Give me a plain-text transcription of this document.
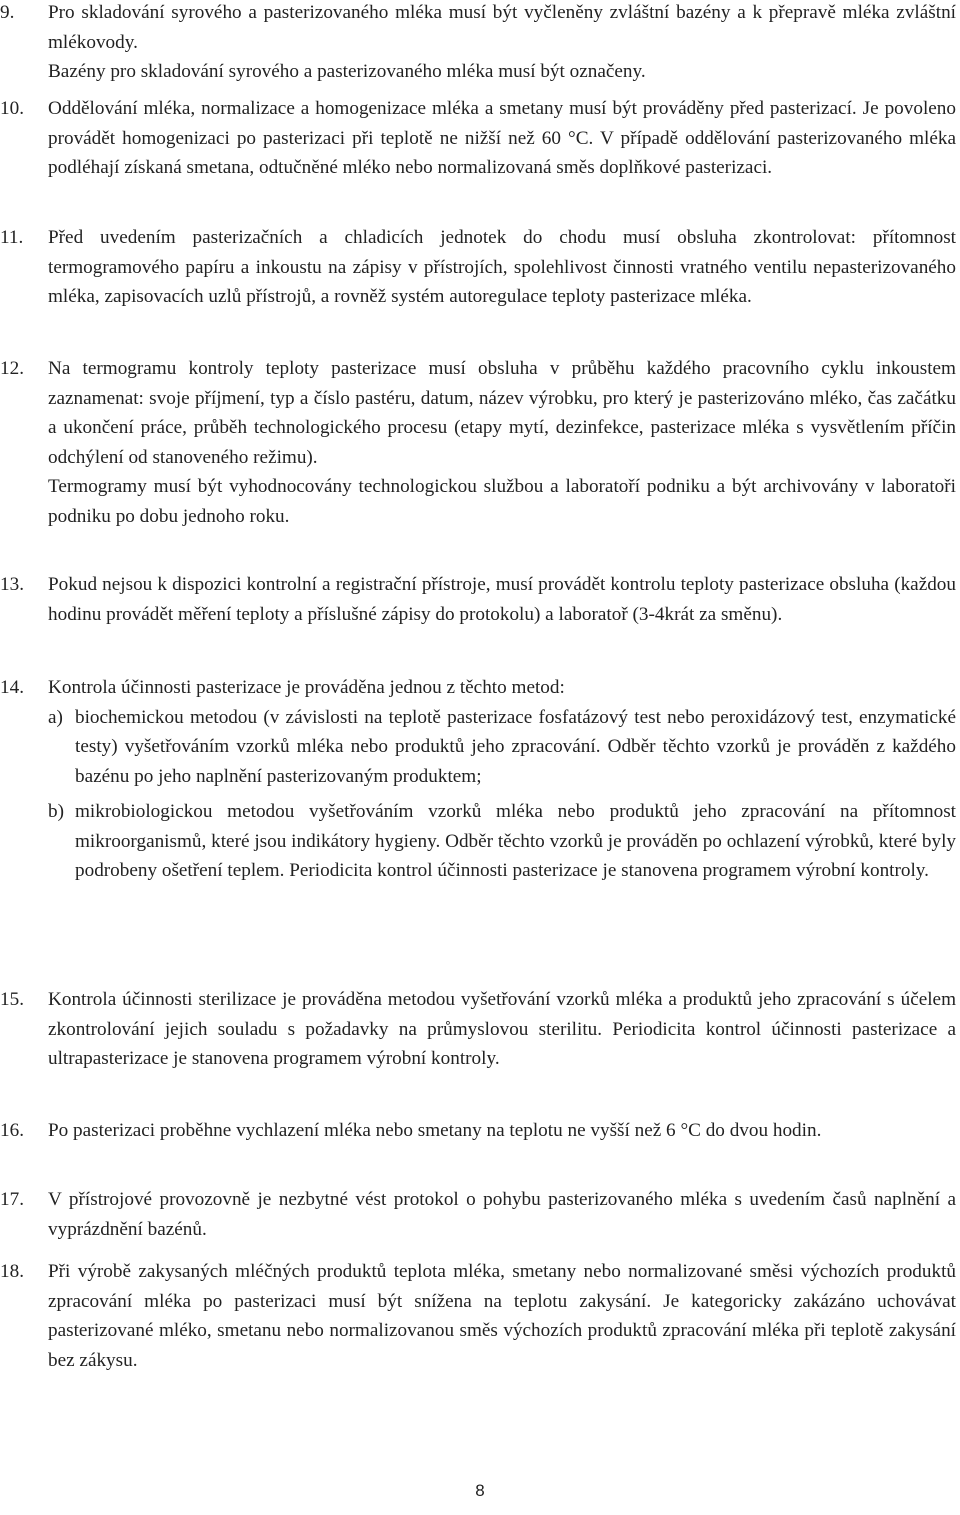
9. Pro skladování syrového a pasterizovaného mléka musí být vyčleněny zvláštní bazény a k přepravě mléka zvláštní mlékovody.

Bazény pro skladování syrového a pasterizovaného mléka musí být označeny.

10. Oddělování mléka, normalizace a homogenizace mléka a smetany musí být prováděny před pasterizací. Je povoleno provádět homogenizaci po pasterizaci při teplotě ne nižší než 60 °C. V případě oddělování pasterizovaného mléka podléhají získaná smetana, odtučněné mléko nebo normalizovaná směs doplňkové pasterizaci.

11. Před uvedením pasterizačních a chladicích jednotek do chodu musí obsluha zkontrolovat: přítomnost termogramového papíru a inkoustu na zápisy v přístrojích, spolehlivost činnosti vratného ventilu nepasterizovaného mléka, zapisovacích uzlů přístrojů, a rovněž systém autoregulace teploty pasterizace mléka.

12. Na termogramu kontroly teploty pasterizace musí obsluha v průběhu každého pracovního cyklu inkoustem zaznamenat: svoje příjmení, typ a číslo pastéru, datum, název výrobku, pro který je pasterizováno mléko, čas začátku a ukončení práce, průběh technologického procesu (etapy mytí, dezinfekce, pasterizace mléka s vysvětlením příčin odchýlení od stanoveného režimu).

Termogramy musí být vyhodnocovány technologickou službou a laboratoří podniku a být archivovány v laboratoři podniku po dobu jednoho roku.

13. Pokud nejsou k dispozici kontrolní a registrační přístroje, musí provádět kontrolu teploty pasterizace obsluha (každou hodinu provádět měření teploty a příslušné zápisy do protokolu) a laboratoř (3-4krát za směnu).

14. Kontrola účinnosti pasterizace je prováděna jednou z těchto metod:

a) biochemickou metodou (v závislosti na teplotě pasterizace fosfatázový test nebo peroxidázový test, enzymatické testy) vyšetřováním vzorků mléka nebo produktů jeho zpracování. Odběr těchto vzorků je prováděn z každého bazénu po jeho naplnění pasterizovaným produktem;

b) mikrobiologickou metodou vyšetřováním vzorků mléka nebo produktů jeho zpracování na přítomnost mikroorganismů, které jsou indikátory hygieny. Odběr těchto vzorků je prováděn po ochlazení výrobků, které byly podrobeny ošetření teplem. Periodicita kontrol účinnosti pasterizace je stanovena programem výrobní kontroly.

15. Kontrola účinnosti sterilizace je prováděna metodou vyšetřování vzorků mléka a produktů jeho zpracování s účelem zkontrolování jejich souladu s požadavky na průmyslovou sterilitu. Periodicita kontrol účinnosti pasterizace a ultrapasterizace je stanovena programem výrobní kontroly.

16. Po pasterizaci proběhne vychlazení mléka nebo smetany na teplotu ne vyšší než 6 °C do dvou hodin.

17. V přístrojové provozovně je nezbytné vést protokol o pohybu pasterizovaného mléka s uvedením časů naplnění a vyprázdnění bazénů.

18. Při výrobě zakysaných mléčných produktů teplota mléka, smetany nebo normalizované směsi výchozích produktů zpracování mléka po pasterizaci musí být snížena na teplotu zakysání. Je kategoricky zakázáno uchovávat pasterizované mléko, smetanu nebo normalizovanou směs výchozích produktů zpracování mléka při teplotě zakysání bez zákysu.

8
